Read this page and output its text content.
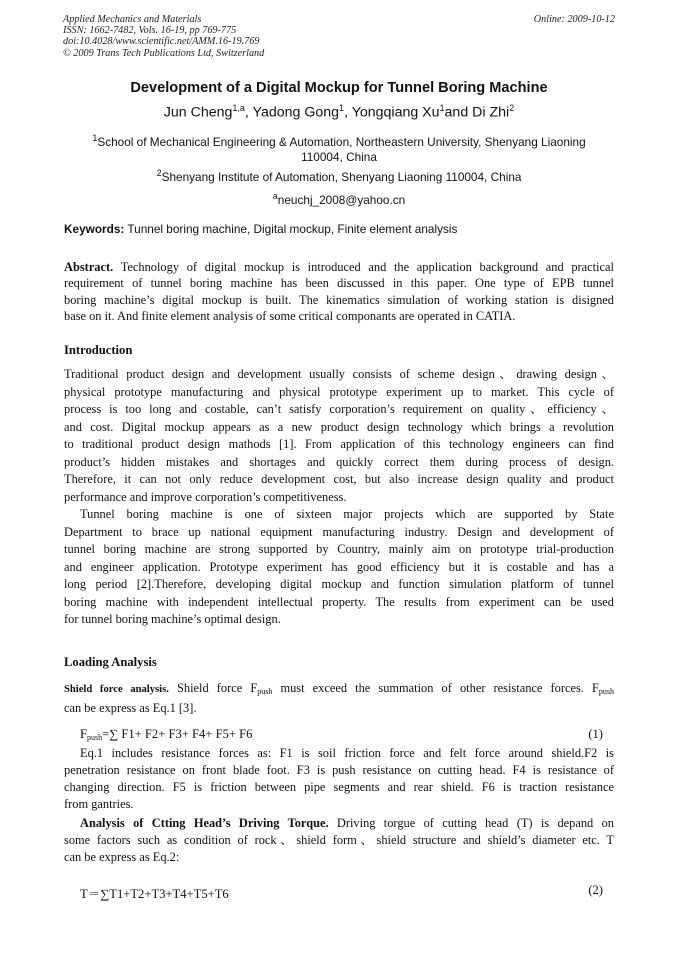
Applied Mechanics and Materials
ISSN: 1662-7482, Vols. 16-19, pp 769-775
doi:10.4028/www.scientific.net/AMM.16-19.769
© 2009 Trans Tech Publications Ltd, Switzerland
Online: 2009-10-12
Development of a Digital Mockup for Tunnel Boring Machine
Jun Cheng$^{1,a}$, Yadong Gong$^1$, Yongqiang Xu$^1$and Di Zhi$^2$
$^1$School of Mechanical Engineering & Automation, Northeastern University, Shenyang Liaoning
110004, China
$^2$Shenyang Institute of Automation, Shenyang Liaoning 110004, China
$^a$neuchj_2008@yahoo.cn
Keywords: Tunnel boring machine, Digital mockup, Finite element analysis
Abstract. Technology of digital mockup is introduced and the application background and practical
requirement of tunnel boring machine has been discussed in this paper. One type of EPB tunnel
boring machine’s digital mockup is built. The kinematics simulation of working station is disigned
base on it. And finite element analysis of some critical componants are operated in CATIA.
Introduction
Traditional product design and development usually consists of scheme design、drawing design、
physical prototype manufacturing and physical prototype experiment up to market. This cycle of
process is too long and costable, can’t satisfy corporation’s requirement on quality、efficiency、
and cost. Digital mockup appears as a new product design technology which brings a revolution
to traditional product design mathods [1]. From application of this technology engineers can find
product’s hidden mistakes and shortages and quickly correct them during process of design.
Therefore, it can not only reduce development cost, but also increase design quality and product
performance and improve corporation’s competitiveness.
Tunnel boring machine is one of sixteen major projects which are supported by State
Department to brace up national equipment manufacturing industry. Design and development of
tunnel boring machine are strong supported by Country, mainly aim on prototype trial-production
and engineer application. Prototype experiment has good efficiency but it is costable and has a
long period [2].Therefore, developing digital mockup and function simulation platform of tunnel
boring machine with independent intellectual property. The results from experiment can be used
for tunnel boring machine’s optimal design.
Loading Analysis
Shield force analysis. Shield force $F_{push}$ must exceed the summation of other resistance forces. $F_{push}$
can be express as Eq.1 [3].
$F_{push}=\sum$ F1+ F2+ F3+ F4+ F5+ F6	(1)
Eq.1 includes resistance forces as: F1 is soil friction force and felt force around shield.F2 is
penetration resistance on front blade foot. F3 is push resistance on cutting head. F4 is resistance of
changing direction. F5 is friction between pipe segments and rear shield. F6 is traction resistance
from gantries.
Analysis of Ctting Head’s Driving Torque. Driving torgue of cutting head (T) is depand on
some factors such as condition of rock、shield form、shield structure and shield’s diameter etc. T
can be express as Eq.2:
T＝∑T1+T2+T3+T4+T5+T6	(2)
